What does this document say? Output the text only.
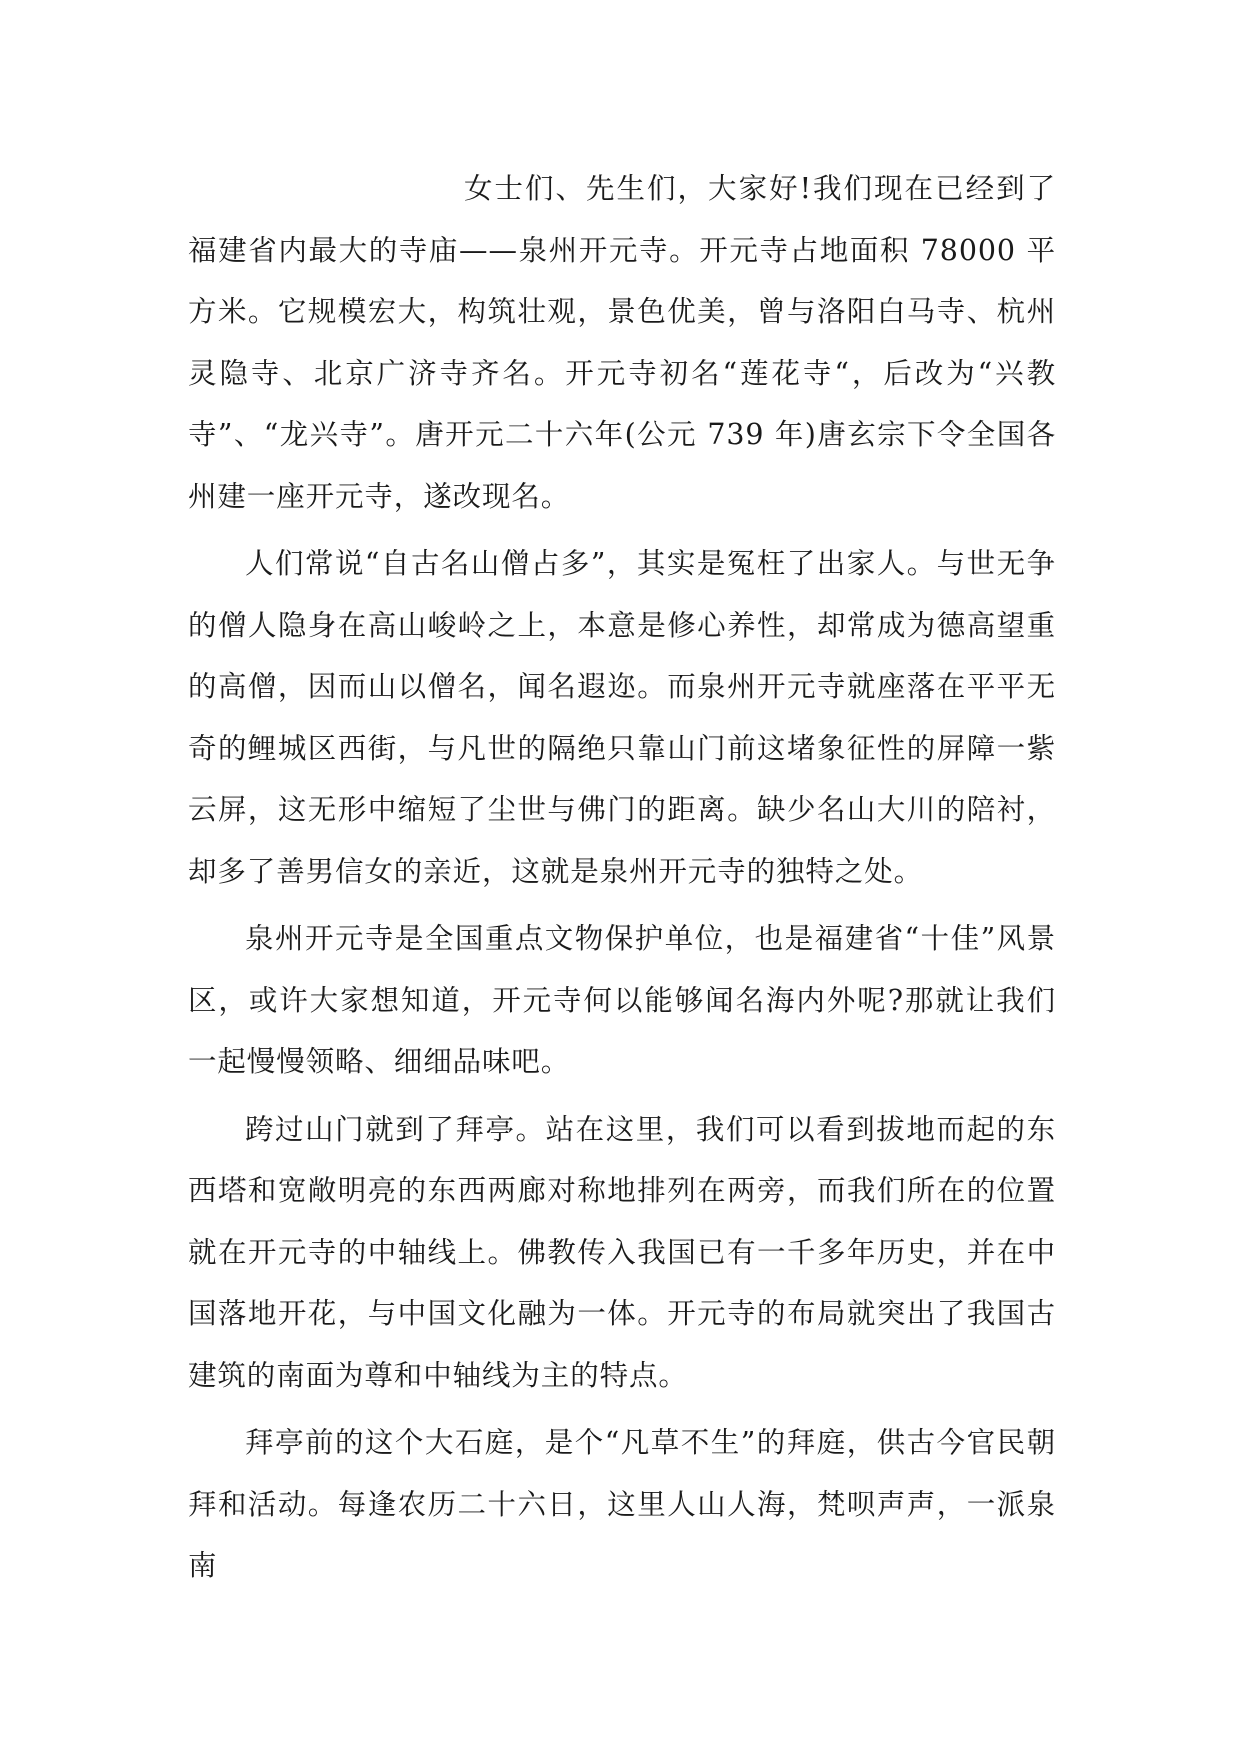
女士们、先生们，大家好!我们现在已经到了福建省内最大的寺庙——泉州开元寺。开元寺占地面积 78000 平方米。它规模宏大，构筑壮观，景色优美，曾与洛阳白马寺、杭州灵隐寺、北京广济寺齐名。开元寺初名“莲花寺“，后改为“兴教寺”、“龙兴寺”。唐开元二十六年(公元 739 年)唐玄宗下令全国各州建一座开元寺，遂改现名。

人们常说“自古名山僧占多”，其实是冤枉了出家人。与世无争的僧人隐身在高山峻岭之上，本意是修心养性，却常成为德高望重的高僧，因而山以僧名，闻名遐迩。而泉州开元寺就座落在平平无奇的鲤城区西街，与凡世的隔绝只靠山门前这堵象征性的屏障一紫云屏，这无形中缩短了尘世与佛门的距离。缺少名山大川的陪衬，却多了善男信女的亲近，这就是泉州开元寺的独特之处。

泉州开元寺是全国重点文物保护单位，也是福建省“十佳”风景区，或许大家想知道，开元寺何以能够闻名海内外呢?那就让我们一起慢慢领略、细细品味吧。

跨过山门就到了拜亭。站在这里，我们可以看到拔地而起的东西塔和宽敞明亮的东西两廊对称地排列在两旁，而我们所在的位置就在开元寺的中轴线上。佛教传入我国已有一千多年历史，并在中国落地开花，与中国文化融为一体。开元寺的布局就突出了我国古建筑的南面为尊和中轴线为主的特点。

拜亭前的这个大石庭，是个“凡草不生”的拜庭，供古今官民朝拜和活动。每逢农历二十六日，这里人山人海，梵呗声声，一派泉南
